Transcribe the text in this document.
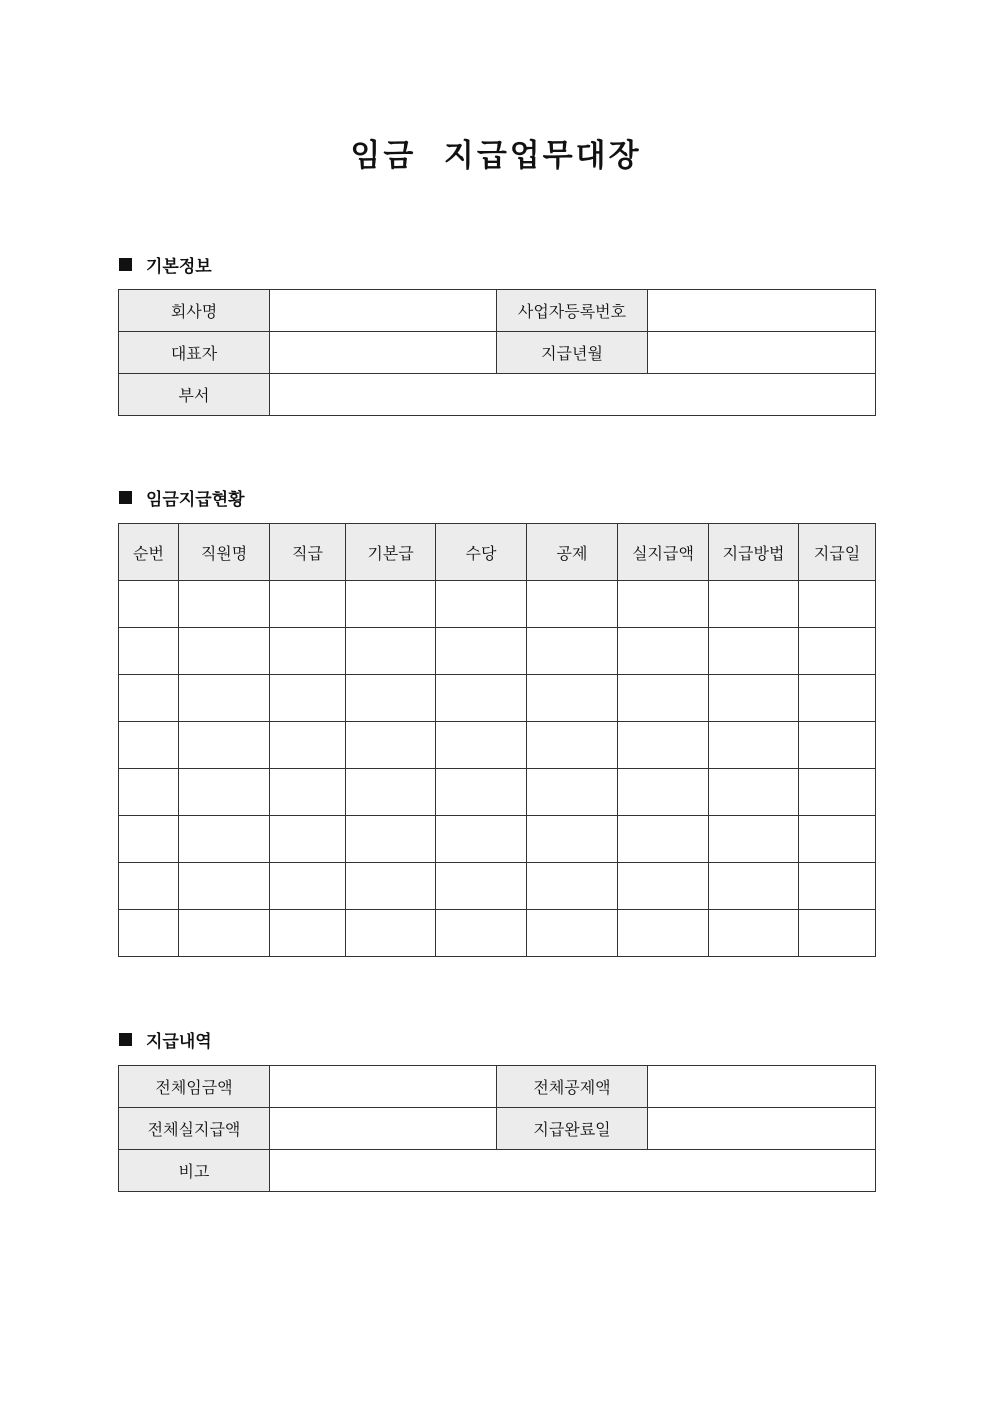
임금  지급업무대장
기본정보
회사명		사업자등록번호	
대표자		지급년월	
부서			
임금지급현황
순번	직원명	직급	기본급	수당	공제	실지급액	지급방법	지급일

지급내역
전체임금액		전체공제액	
전체실지급액		지급완료일	
비고			
